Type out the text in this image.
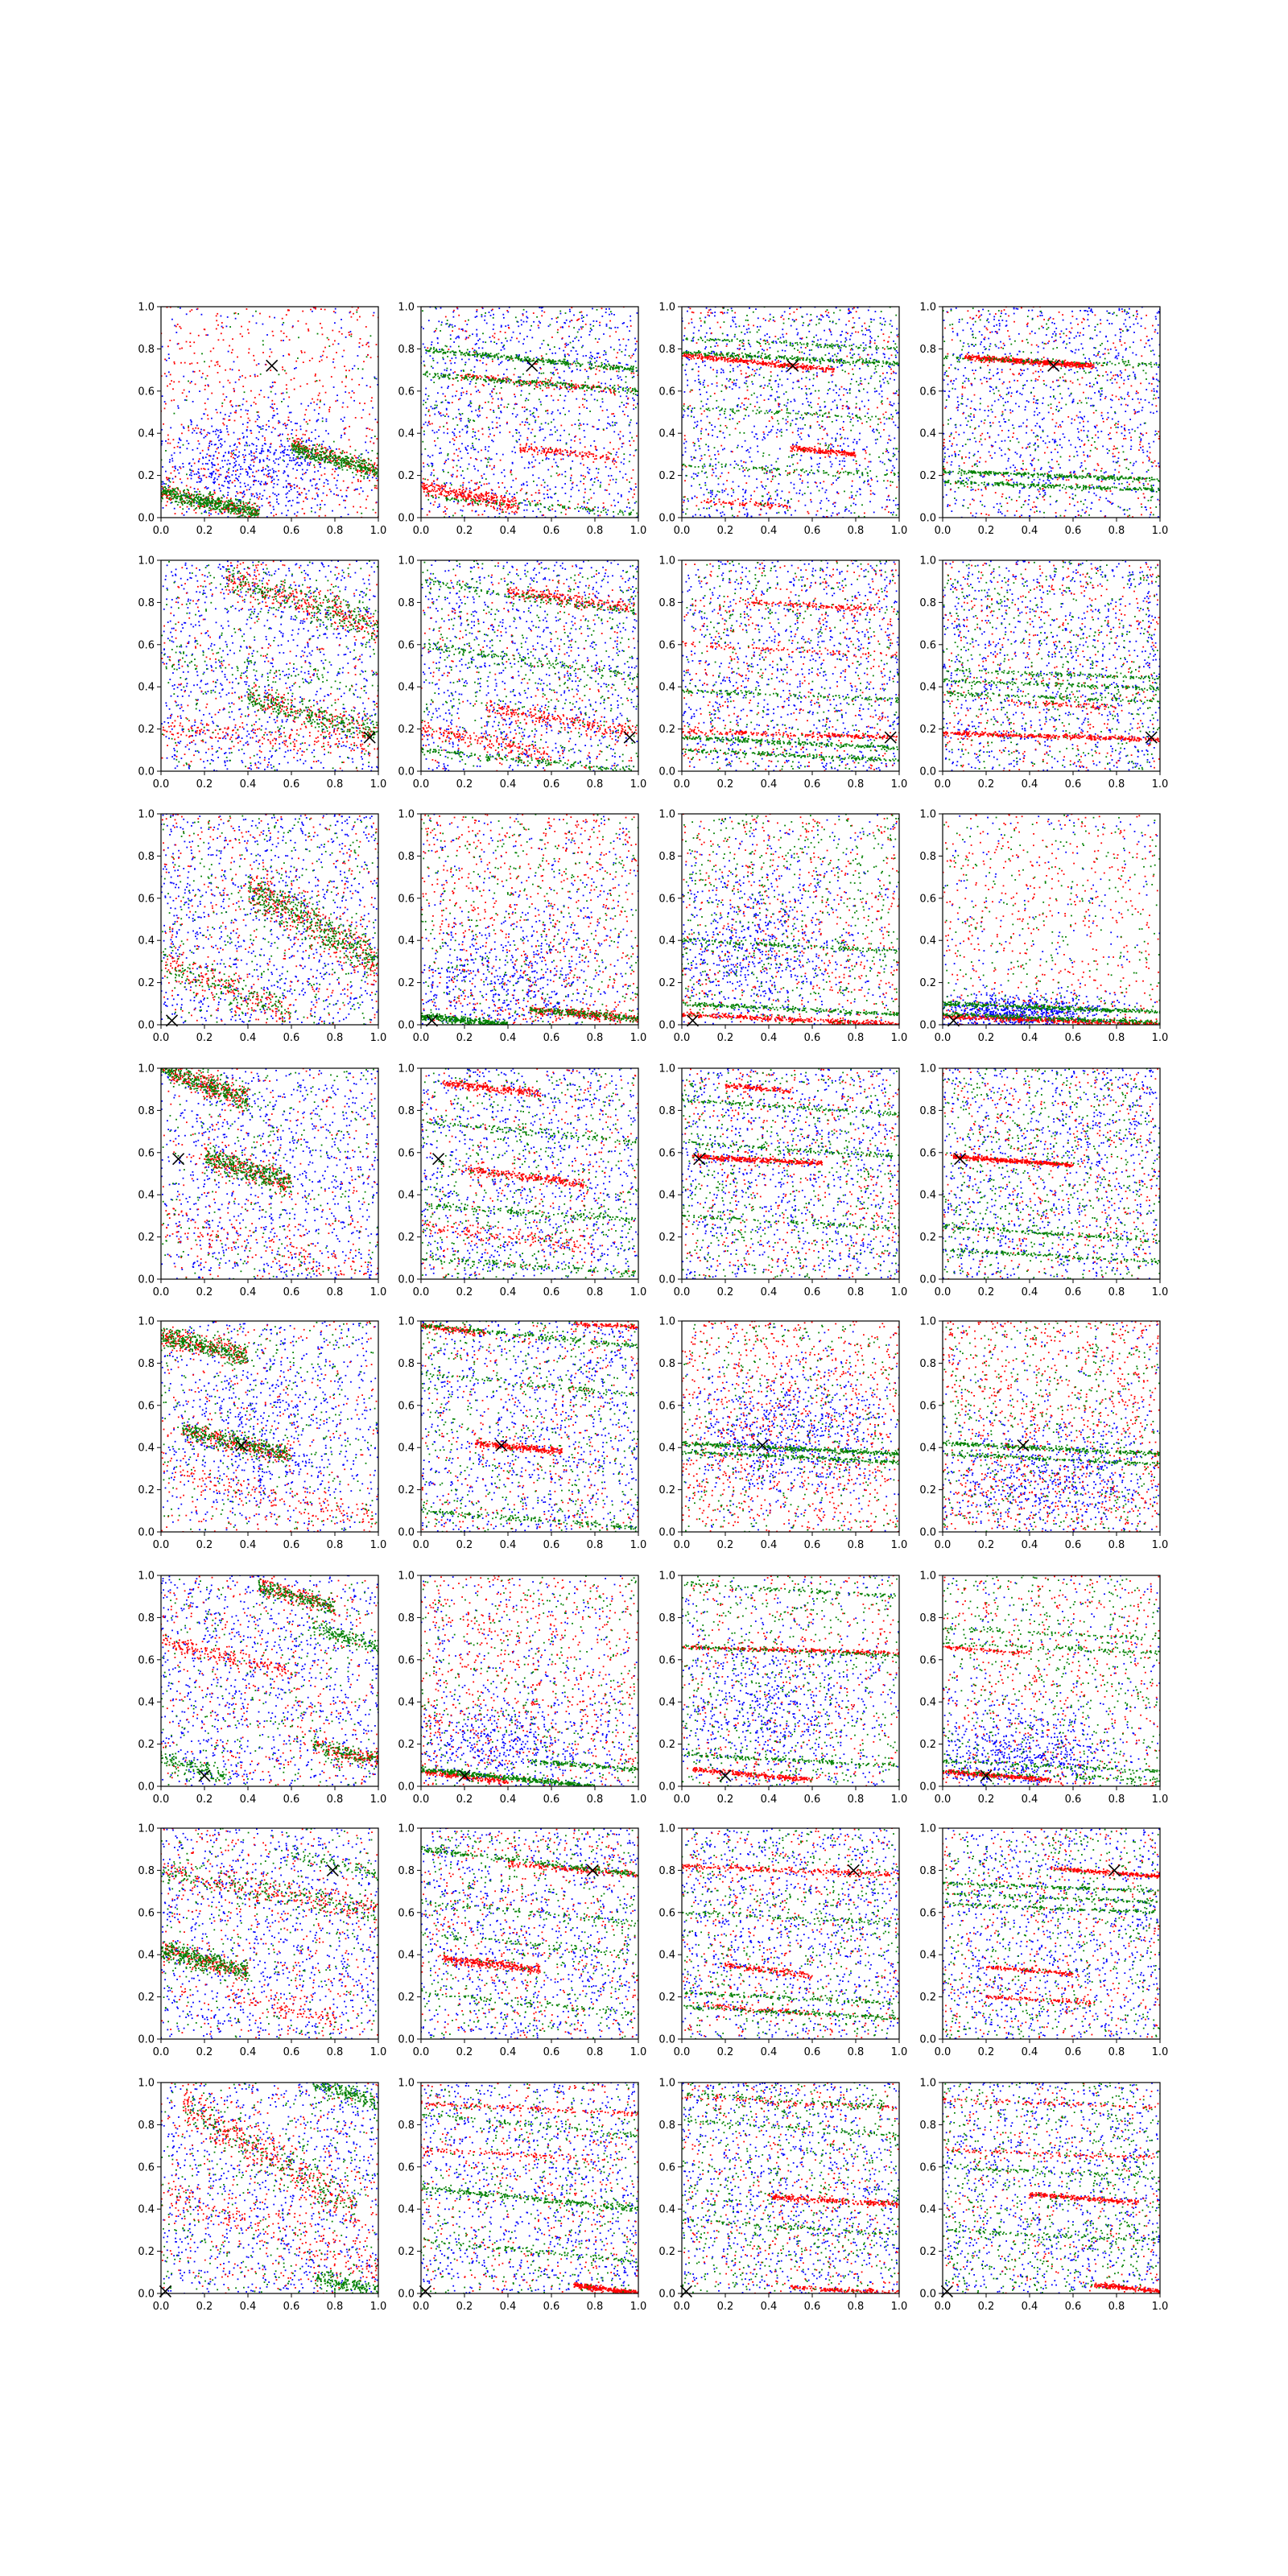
0.0
0.0
0.2
0.2
0.4
0.4
0.6
0.6
0.8
0.8
1.0
1.0
0.0
0.0
0.2
0.2
0.4
0.4
0.6
0.6
0.8
0.8
1.0
1.0
0.0
0.0
0.2
0.2
0.4
0.4
0.6
0.6
0.8
0.8
1.0
1.0
0.0
0.0
0.2
0.2
0.4
0.4
0.6
0.6
0.8
0.8
1.0
1.0
0.0
0.0
0.2
0.2
0.4
0.4
0.6
0.6
0.8
0.8
1.0
1.0
0.0
0.0
0.2
0.2
0.4
0.4
0.6
0.6
0.8
0.8
1.0
1.0
0.0
0.0
0.2
0.2
0.4
0.4
0.6
0.6
0.8
0.8
1.0
1.0
0.0
0.0
0.2
0.2
0.4
0.4
0.6
0.6
0.8
0.8
1.0
1.0
0.0
0.0
0.2
0.2
0.4
0.4
0.6
0.6
0.8
0.8
1.0
1.0
0.0
0.0
0.2
0.2
0.4
0.4
0.6
0.6
0.8
0.8
1.0
1.0
0.0
0.0
0.2
0.2
0.4
0.4
0.6
0.6
0.8
0.8
1.0
1.0
0.0
0.0
0.2
0.2
0.4
0.4
0.6
0.6
0.8
0.8
1.0
1.0
0.0
0.0
0.2
0.2
0.4
0.4
0.6
0.6
0.8
0.8
1.0
1.0
0.0
0.0
0.2
0.2
0.4
0.4
0.6
0.6
0.8
0.8
1.0
1.0
0.0
0.0
0.2
0.2
0.4
0.4
0.6
0.6
0.8
0.8
1.0
1.0
0.0
0.0
0.2
0.2
0.4
0.4
0.6
0.6
0.8
0.8
1.0
1.0
0.0
0.0
0.2
0.2
0.4
0.4
0.6
0.6
0.8
0.8
1.0
1.0
0.0
0.0
0.2
0.2
0.4
0.4
0.6
0.6
0.8
0.8
1.0
1.0
0.0
0.0
0.2
0.2
0.4
0.4
0.6
0.6
0.8
0.8
1.0
1.0
0.0
0.0
0.2
0.2
0.4
0.4
0.6
0.6
0.8
0.8
1.0
1.0
0.0
0.0
0.2
0.2
0.4
0.4
0.6
0.6
0.8
0.8
1.0
1.0
0.0
0.0
0.2
0.2
0.4
0.4
0.6
0.6
0.8
0.8
1.0
1.0
0.0
0.0
0.2
0.2
0.4
0.4
0.6
0.6
0.8
0.8
1.0
1.0
0.0
0.0
0.2
0.2
0.4
0.4
0.6
0.6
0.8
0.8
1.0
1.0
0.0
0.0
0.2
0.2
0.4
0.4
0.6
0.6
0.8
0.8
1.0
1.0
0.0
0.0
0.2
0.2
0.4
0.4
0.6
0.6
0.8
0.8
1.0
1.0
0.0
0.0
0.2
0.2
0.4
0.4
0.6
0.6
0.8
0.8
1.0
1.0
0.0
0.0
0.2
0.2
0.4
0.4
0.6
0.6
0.8
0.8
1.0
1.0
0.0
0.0
0.2
0.2
0.4
0.4
0.6
0.6
0.8
0.8
1.0
1.0
0.0
0.0
0.2
0.2
0.4
0.4
0.6
0.6
0.8
0.8
1.0
1.0
0.0
0.0
0.2
0.2
0.4
0.4
0.6
0.6
0.8
0.8
1.0
1.0
0.0
0.0
0.2
0.2
0.4
0.4
0.6
0.6
0.8
0.8
1.0
1.0
